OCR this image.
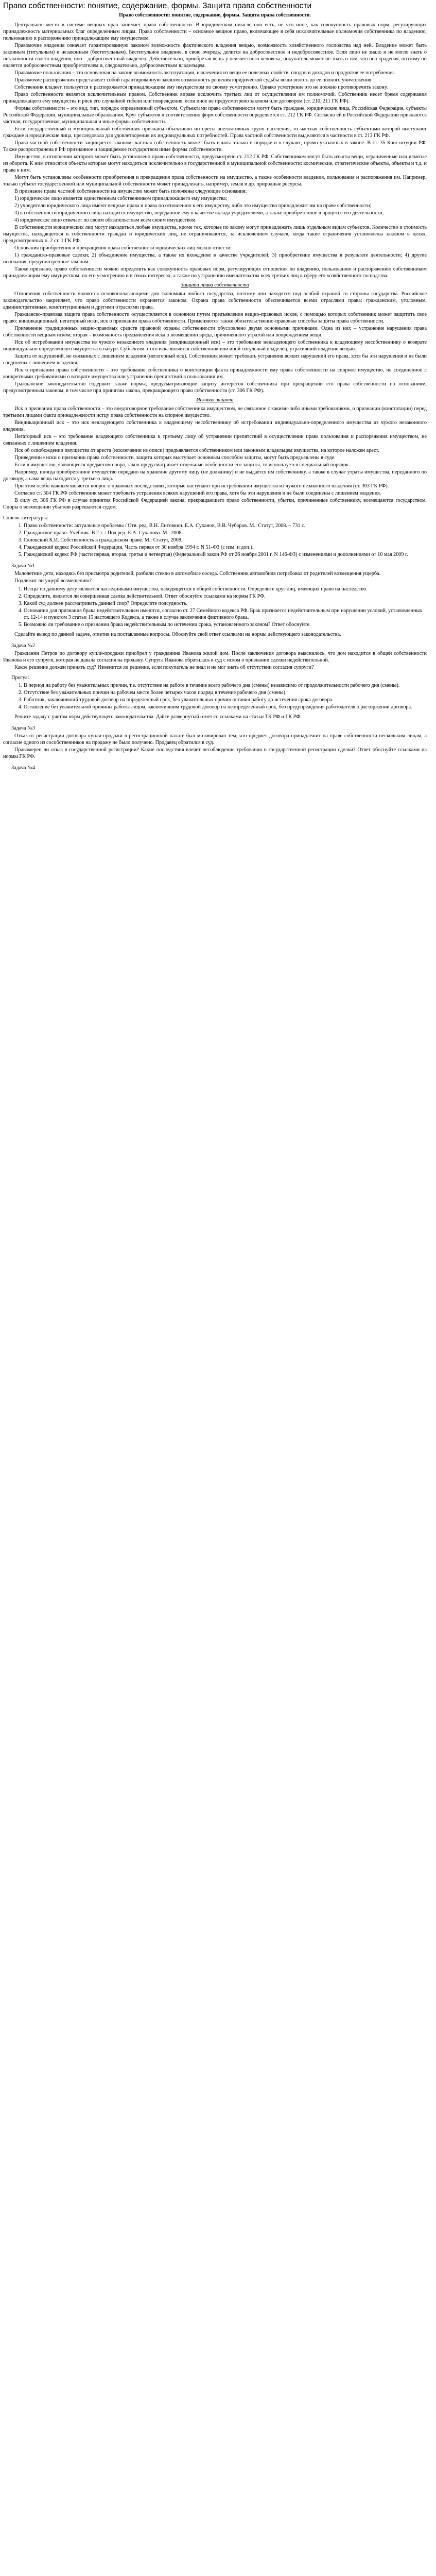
Право собственности: понятие, содержание, формы. Защита права собственности
Право собственности: понятие, содержание, формы. Защита права собственности.

Центральное место в системе вещных прав занимает право собственности. В юридическом смысле оно есть, не что иное, как совокупность правовых норм, регулирующих принадлежность материальных благ определенным лицам. Право собственности – основное вещное право, включающее в себя исключительные полномочия собственника по владению, пользованию и распоряжению принадлежащим ему имуществом.

Правомочие владения означает гарантированную законом возможность фактического владения вещью, возможность хозяйственного господства над ней. Владение может быть законным (титульным) и незаконным (беститульным). Беститульное владение, в свою очередь, делится на добросовестное и недобросовестное. Если лицо не знало и не могло знать о незаконности своего владения, оно – добросовестный владелец. Действительно, приобретая вещь у неизвестного человека, покупатель может не знать о том, что она краденая, поэтому он является добросовестным приобретателем и, следовательно, добросовестным владельцем.

Правомочие пользования – это основанная на законе возможность эксплуатации, извлечения из вещи ее полезных свойств, плодов и доходов и продуктов ее потребления.

Правомочие распоряжения представляет собой гарантированную законом возможность решения юридической судьбы вещи вплоть до ее полного уничтожения.

Собственник владеет, пользуется и распоряжается принадлежащим ему имуществом по своему усмотрению. Однако усмотрение это не должно противоречить закону.

Право собственности является исключительным правом. Собственник вправе исключить третьих лиц от осуществления им полномочий. Собственник несет бремя содержания принадлежащего ему имущества и риск его случайной гибели или повреждения, если иное не предусмотрено законом или договором (ст. 210, 211 ГК РФ).

Формы собственности – это вид, тип, порядок определенный субъектом. Субъектами права собственности могут быть граждане, юридические лица, Российская Федерация, субъекты Российской Федерации, муниципальные образования. Круг субъектов и соответственно форм собственности определяется ст. 212 ГК РФ. Согласно ей в Российской Федерации признаются частная, государственная, муниципальная и иные формы собственности.

Если государственный и муниципальный собственник признаны объективно интересы апеллятивных групп населения, то частная собственность субъектами которой выступают граждане и юридические лица, преследовала для удовлетворения их индивидуальных потребностей. Права частной собственности выделяются в частности в ст. 213 ГК РФ.

Право частной собственности защищается законом: частная собственность может быть изъята только в порядке и в случаях, прямо указанных в законе. В ст. 35 Конституции РФ. Также распространена в РФ признанное и защищаемое государством иные формы собственности.

Имущество, в отношении которого может быть установлено право собственности, предусмотрено ст. 212 ГК РФ. Собственником могут быть изъяты вещи, ограниченные или изъятые из оборота. К ним относятся объекты которые могут находиться исключительно в государственной и муниципальной собственности: космические, стратегические объекты, объекты и т.д. и права к ним.

Могут быть установлены особенности приобретения и прекращения права собственности на имущество, а также особенности владения, пользования и распоряжения им. Например, только субъект государственной или муниципальной собственности может принадлежать, например, земля и др. природные ресурсы.

В признание права частной собственности на имущество может быть положены следующие основания:

1) юридическое лицо является единственным собственником принадлежащего ему имущества;

2) учредители юридического лица имеют вещные права и права по отношению к его имуществу, либо это имущество принадлежит им на праве собственности;

3) в собственности юридического лица находится имущество, переданное ему в качестве вклада учредителями, а также приобретенное в процессе его деятельности;

4) юридическое лицо отвечает по своим обязательствам всем своим имуществом.

В собственности юридических лиц могут находиться любые имущества, кроме тех, которые по закону могут принадлежать лишь отдельным видам субъектов. Количество и стоимость имущества, находящегося в собственности граждан и юридических лиц, не ограничиваются, за исключением случаев, когда такие ограничения установлены законом в целях, предусмотренных п. 2 ст. 1 ГК РФ.

Основания приобретения и прекращения права собственности юридических лиц можно отнести:

1) гражданско-правовые сделки; 2) объединение имущества, а также их вхождение в качестве учредителей; 3) приобретение имущества в результате деятельности; 4) другие основания, предусмотренные законом.

Также признано, право собственности можно определить как совокупность правовых норм, регулирующих отношения по владению, пользованию и распоряжению собственником принадлежащим ему имуществом, по его усмотрению и в своих интересах, а также по устранению вмешательства всех третьих лиц в сферу его хозяйственного господства.

Защита права собственности

Отношения собственности являются основополагающими для экономики любого государства, поэтому они находятся под особой охраной со стороны государства. Российское законодательство закрепляет, что право собственности охраняется законом. Охрана права собственности обеспечивается всеми отраслями права: гражданским, уголовным, административным, конституционным и другими отраслями права.

Гражданско-правовая защита права собственности осуществляется в основном путем предъявления вещно-правовых исков, с помощью которых собственник может защитить свое право: виндикационный, негаторный иски, иск о признании права собственности. Применяются также обязательственно-правовые способы защиты права собственности.

Применение традиционных вещно-правовых средств правовой охраны собственности обусловлено двумя основными причинами. Одна из них – устранение нарушения права собственности вещным иском; вторая – возможность предъявления иска о возмещении вреда, причиненного утратой или повреждением вещи.

Иск об истребовании имущества из чужого незаконного владения (виндикационный иск) – это требование невладеющего собственника к владеющему несобственнику о возврате индивидуально определенного имущества в натуре. Субъектом этого иска является собственник или иной титульный владелец, утративший владение вещью.

Защита от нарушений, не связанных с лишением владения (негаторный иск). Собственник может требовать устранения всяких нарушений его права, хотя бы эти нарушения и не были соединены с лишением владения.

Иск о признании права собственности – это требование собственника о констатации факта принадлежности ему права собственности на спорное имущество, не соединенное с конкретными требованиями о возврате имущества или устранении препятствий в пользовании им.

Гражданское законодательство содержит также нормы, предусматривающие защиту интересов собственника при прекращении его права собственности по основаниям, предусмотренным законом, в том числе при принятии закона, прекращающего право собственности (ст. 306 ГК РФ).

Исковая защита

Иск о признании права собственности – это внедоговорное требование собственника имуществом, не связанное с какими-либо иными требованиями, о признании (констатации) перед третьими лицами факта принадлежности истцу права собственности на спорное имущество.

Виндикационный иск – это иск невладеющего собственника к владеющему несобственнику об истребовании индивидуально-определенного имущества из чужого незаконного владения.

Негаторный иск – это требование владеющего собственника к третьему лицу об устранении препятствий в осуществлении права пользования и распоряжения имуществом, не связанных с лишением владения.

Иск об освобождении имущества от ареста (исключении из описи) предъявляется собственником или законным владельцем имущества, на которое наложен арест.

Приведенные иски о признании права собственности, защита которых выступает основным способом защиты, могут быть предъявлены в суде.

Если в имущество, являющееся предметом спора, закон предусматривает отдельные особенности его защиты, то используется специальный порядок.

Например, иногда приобретенное имущество передано на хранение другому лицу (не должнику) и не выдается им собственнику, а также в случае утраты имущества, переданного по договору, а сама вещь находится у третьего лица.

При этом особо важным является вопрос о правовых последствиях, которые наступают при истребовании имущества из чужого незаконного владения (ст. 303 ГК РФ).

Согласно ст. 304 ГК РФ собственник может требовать устранения всяких нарушений его права, хотя бы эти нарушения и не были соединены с лишением владения.

В силу ст. 306 ГК РФ в случае принятия Российской Федерацией закона, прекращающего право собственности, убытки, причиненные собственнику, возмещаются государством. Споры о возмещении убытков разрешаются судом.

Список литературы:

1. Право собственности: актуальные проблемы / Отв. ред. В.Н. Литовкин, Е.А. Суханов, В.В. Чубаров. М.: Статут, 2008. – 731 с.
2. Гражданское право: Учебник. В 2 т. / Под ред. Е.А. Суханова. М., 2008.
3. Скловский К.И. Собственность в гражданском праве. М.: Статут, 2008.
4. Гражданский кодекс Российской Федерации. Часть первая от 30 ноября 1994 г. N 51-ФЗ (с изм. и доп.).
5. Гражданский кодекс РФ (части первая, вторая, третья и четвертая) (Федеральный закон РФ от 26 ноября 2001 г. N 146-ФЗ) с изменениями и дополнениями от 10 мая 2009 г.
Задача №1

Малолетние дети, находясь без присмотра родителей, разбили стекло в автомобиле соседа. Собственник автомобиля потребовал от родителей возмещения ущерба.

Подлежит ли ущерб возмещению?

1. Истцы по данному делу являются наследниками имущества, находящегося в общей собственности. Определите круг лиц, имеющих право на наследство.
2. Определите, является ли совершенная сделка действительной. Ответ обоснуйте ссылками на нормы ГК РФ.
3. Какой суд должен рассматривать данный спор? Определите подсудность.
4. Основания для признания брака недействительным имеются, согласно ст. 27 Семейного кодекса РФ. Брак признается недействительным при нарушении условий, установленных ст. 12-14 и пунктом 3 статьи 15 настоящего Кодекса, а также в случае заключения фиктивного брака.
5. Возможно ли требование о признании брака недействительным по истечении срока, установленного законом? Ответ обоснуйте.

Сделайте вывод по данной задаче, ответив на поставленные вопросы. Обоснуйте свой ответ ссылками на нормы действующего законодательства.

Задача №2

Гражданин Петров по договору купли-продажи приобрел у гражданина Иванова жилой дом. После заключения договора выяснилось, что дом находится в общей собственности Иванова и его супруги, которая не давала согласия на продажу. Супруга Иванова обратилась в суд с иском о признании сделки недействительной.

Какое решение должен принять суд? Изменится ли решение, если покупатель не знал и не мог знать об отсутствии согласия супруги?

Прогул:
1. В период на работу без уважительных причин, т.е. отсутствие на работе в течение всего рабочего дня (смены) независимо от продолжительности рабочего дня (смены).
2. Отсутствие без уважительных причин на рабочем месте более четырех часов подряд в течение рабочего дня (смены).
3. Работник, заключивший трудовой договор на определенный срок, без уважительных причин оставил работу до истечения срока договора.
4. Оставление без уважительной причины работы лицом, заключившим трудовой договор на неопределенный срок, без предупреждения работодателя о расторжении договора.

Решите задачу с учетом норм действующего законодательства. Дайте развернутый ответ со ссылками на статьи ТК РФ и ГК РФ.

Задача №3

Отказ от регистрации договора купли-продажи в регистрационной палате был мотивирован тем, что предмет договора принадлежит на праве собственности нескольким лицам, а согласие одного из сособственников на продажу не было получено. Продавец обратился в суд.

Правомерен ли отказ в государственной регистрации? Какие последствия влечет несоблюдение требования о государственной регистрации сделки? Ответ обоснуйте ссылками на нормы ГК РФ.

Задача №4
